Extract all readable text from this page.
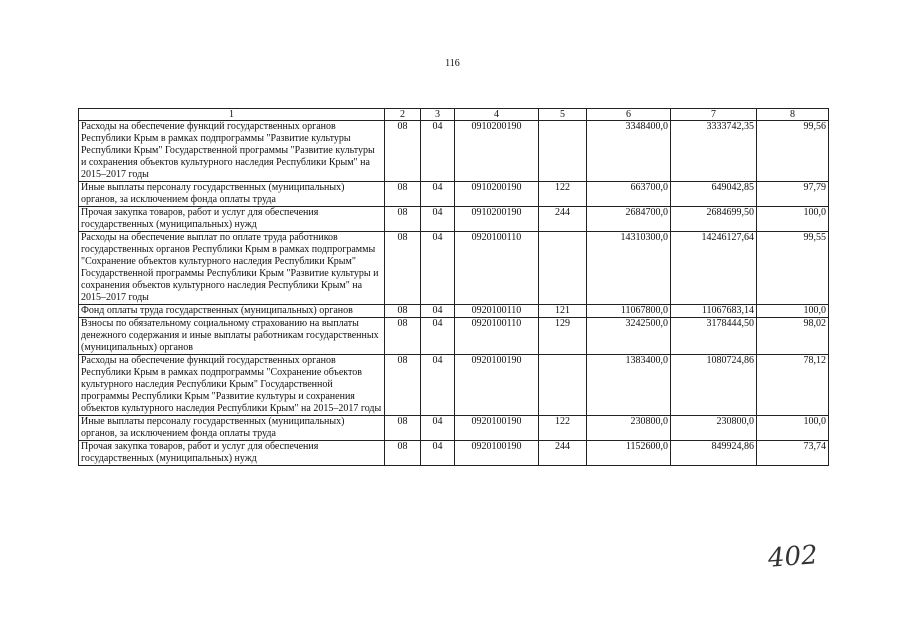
116
1	2	3	4	5	6	7	8
Расходы на обеспечение функций государственных органов Республики Крым в рамках подпрограммы "Развитие культуры Республики Крым" Государственной программы "Развитие культуры и сохранения объектов культурного наследия Республики Крым" на 2015–2017 годы	08	04	0910200190		3348400,0	3333742,35	99,56
Иные выплаты персоналу государственных (муниципальных) органов, за исключением фонда оплаты труда	08	04	0910200190	122	663700,0	649042,85	97,79
Прочая закупка товаров, работ и услуг для обеспечения государственных (муниципальных) нужд	08	04	0910200190	244	2684700,0	2684699,50	100,0
Расходы на обеспечение выплат по оплате труда работников государственных органов Республики Крым в рамках подпрограммы "Сохранение объектов культурного наследия Республики Крым" Государственной программы Республики Крым "Развитие культуры и сохранения объектов культурного наследия Республики Крым" на 2015–2017 годы	08	04	0920100110		14310300,0	14246127,64	99,55
Фонд оплаты труда государственных (муниципальных) органов	08	04	0920100110	121	11067800,0	11067683,14	100,0
Взносы по обязательному социальному страхованию на выплаты денежного содержания и иные выплаты работникам государственных (муниципальных) органов	08	04	0920100110	129	3242500,0	3178444,50	98,02
Расходы на обеспечение функций государственных органов Республики Крым в рамках подпрограммы "Сохранение объектов культурного наследия Республики Крым" Государственной программы Республики Крым "Развитие культуры и сохранения объектов культурного наследия Республики Крым" на 2015–2017 годы	08	04	0920100190		1383400,0	1080724,86	78,12
Иные выплаты персоналу государственных (муниципальных) органов, за исключением фонда оплаты труда	08	04	0920100190	122	230800,0	230800,0	100,0
Прочая закупка товаров, работ и услуг для обеспечения государственных (муниципальных) нужд	08	04	0920100190	244	1152600,0	849924,86	73,74
402
